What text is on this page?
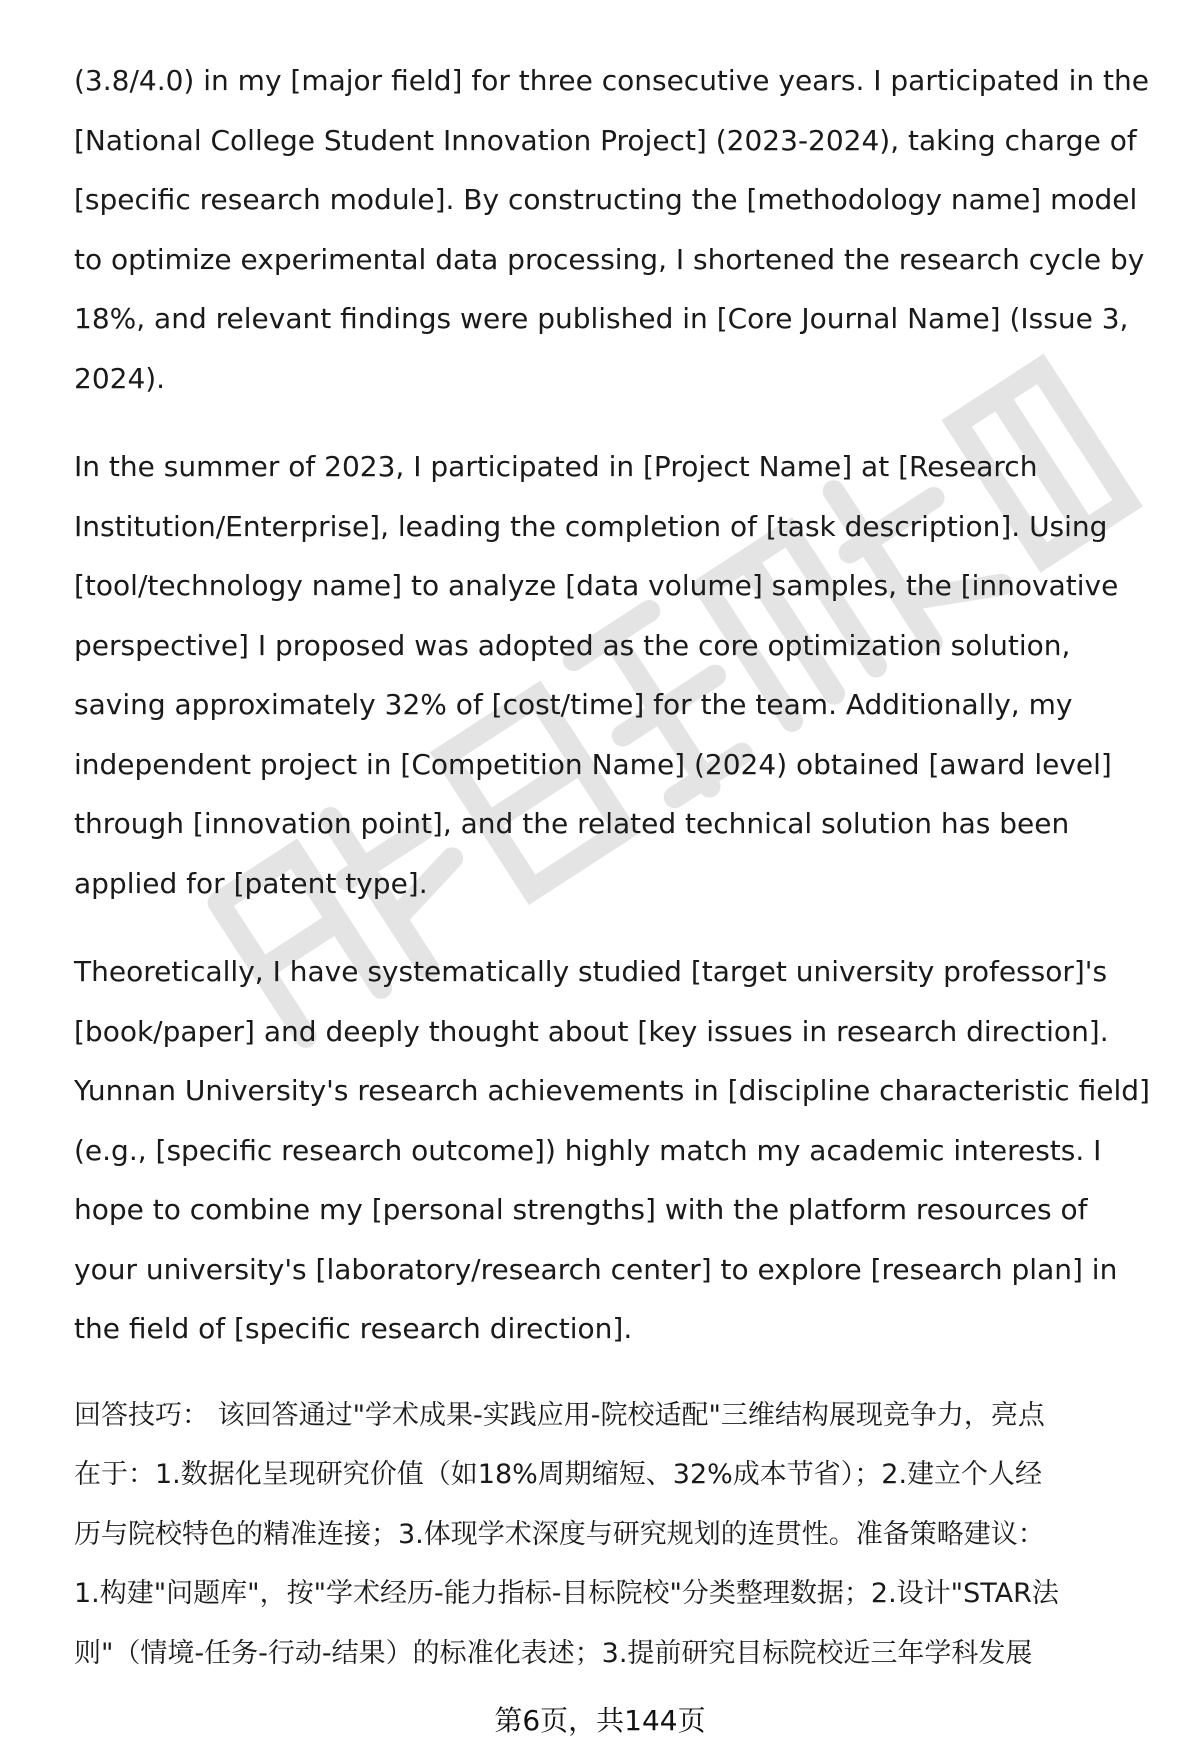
(3.8/4.0) in my [major field] for three consecutive years. I participated in the
[National College Student Innovation Project] (2023-2024), taking charge of
[specific research module]. By constructing the [methodology name] model
to optimize experimental data processing, I shortened the research cycle by
18%, and relevant findings were published in [Core Journal Name] (Issue 3,
2024).

In the summer of 2023, I participated in [Project Name] at [Research
Institution/Enterprise], leading the completion of [task description]. Using
[tool/technology name] to analyze [data volume] samples, the [innovative
perspective] I proposed was adopted as the core optimization solution,
saving approximately 32% of [cost/time] for the team. Additionally, my
independent project in [Competition Name] (2024) obtained [award level]
through [innovation point], and the related technical solution has been
applied for [patent type].

Theoretically, I have systematically studied [target university professor]'s
[book/paper] and deeply thought about [key issues in research direction].
Yunnan University's research achievements in [discipline characteristic field]
(e.g., [specific research outcome]) highly match my academic interests. I
hope to combine my [personal strengths] with the platform resources of
your university's [laboratory/research center] to explore [research plan] in
the field of [specific research direction].

回答技巧： 该回答通过"学术成果-实践应用-院校适配"三维结构展现竞争力，亮点
在于：1.数据化呈现研究价值（如18%周期缩短、32%成本节省）；2.建立个人经
历与院校特色的精准连接；3.体现学术深度与研究规划的连贯性。准备策略建议：
1.构建"问题库"，按"学术经历-能力指标-目标院校"分类整理数据；2.设计"STAR法
则"（情境-任务-行动-结果）的标准化表述；3.提前研究目标院校近三年学科发展

第6页，共144页
